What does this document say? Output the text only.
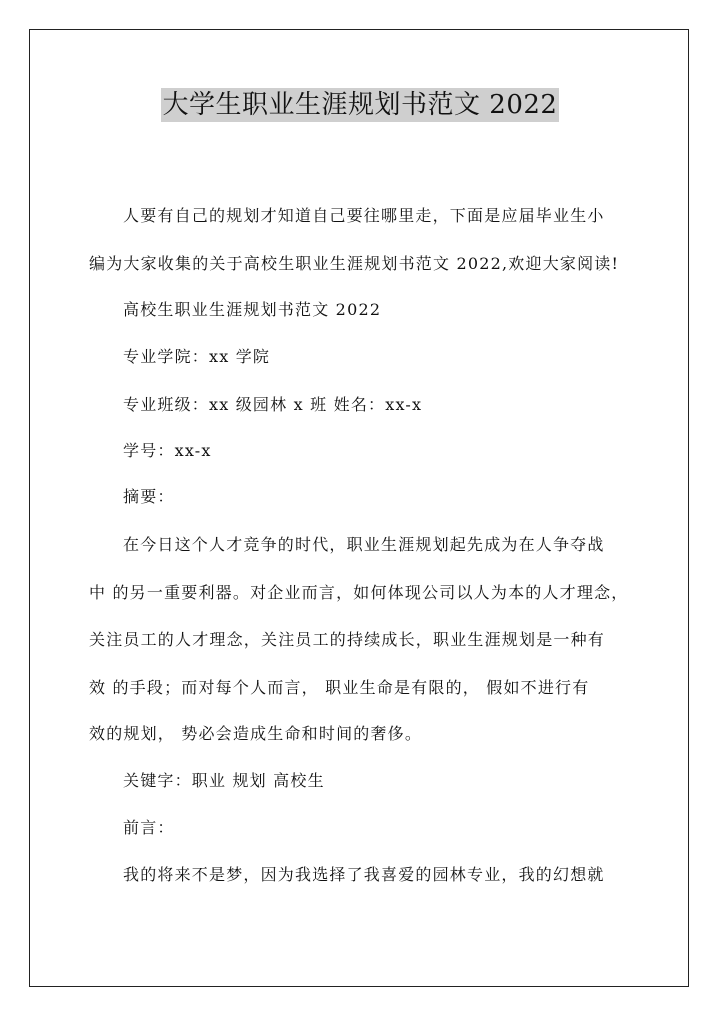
大学生职业生涯规划书范文 2022
人要有自己的规划才知道自己要往哪里走，下面是应届毕业生小
编为大家收集的关于高校生职业生涯规划书范文 2022,欢迎大家阅读!
高校生职业生涯规划书范文 2022
专业学院：xx 学院
专业班级：xx 级园林 x 班 姓名：xx-x
学号：xx-x
摘要：
在今日这个人才竞争的时代，职业生涯规划起先成为在人争夺战
中 的另一重要利器。对企业而言，如何体现公司以人为本的人才理念，
关注员工的人才理念，关注员工的持续成长，职业生涯规划是一种有
效 的手段；而对每个人而言， 职业生命是有限的， 假如不进行有
效的规划， 势必会造成生命和时间的奢侈。
关键字：职业 规划 高校生
前言：
我的将来不是梦，因为我选择了我喜爱的园林专业，我的幻想就
